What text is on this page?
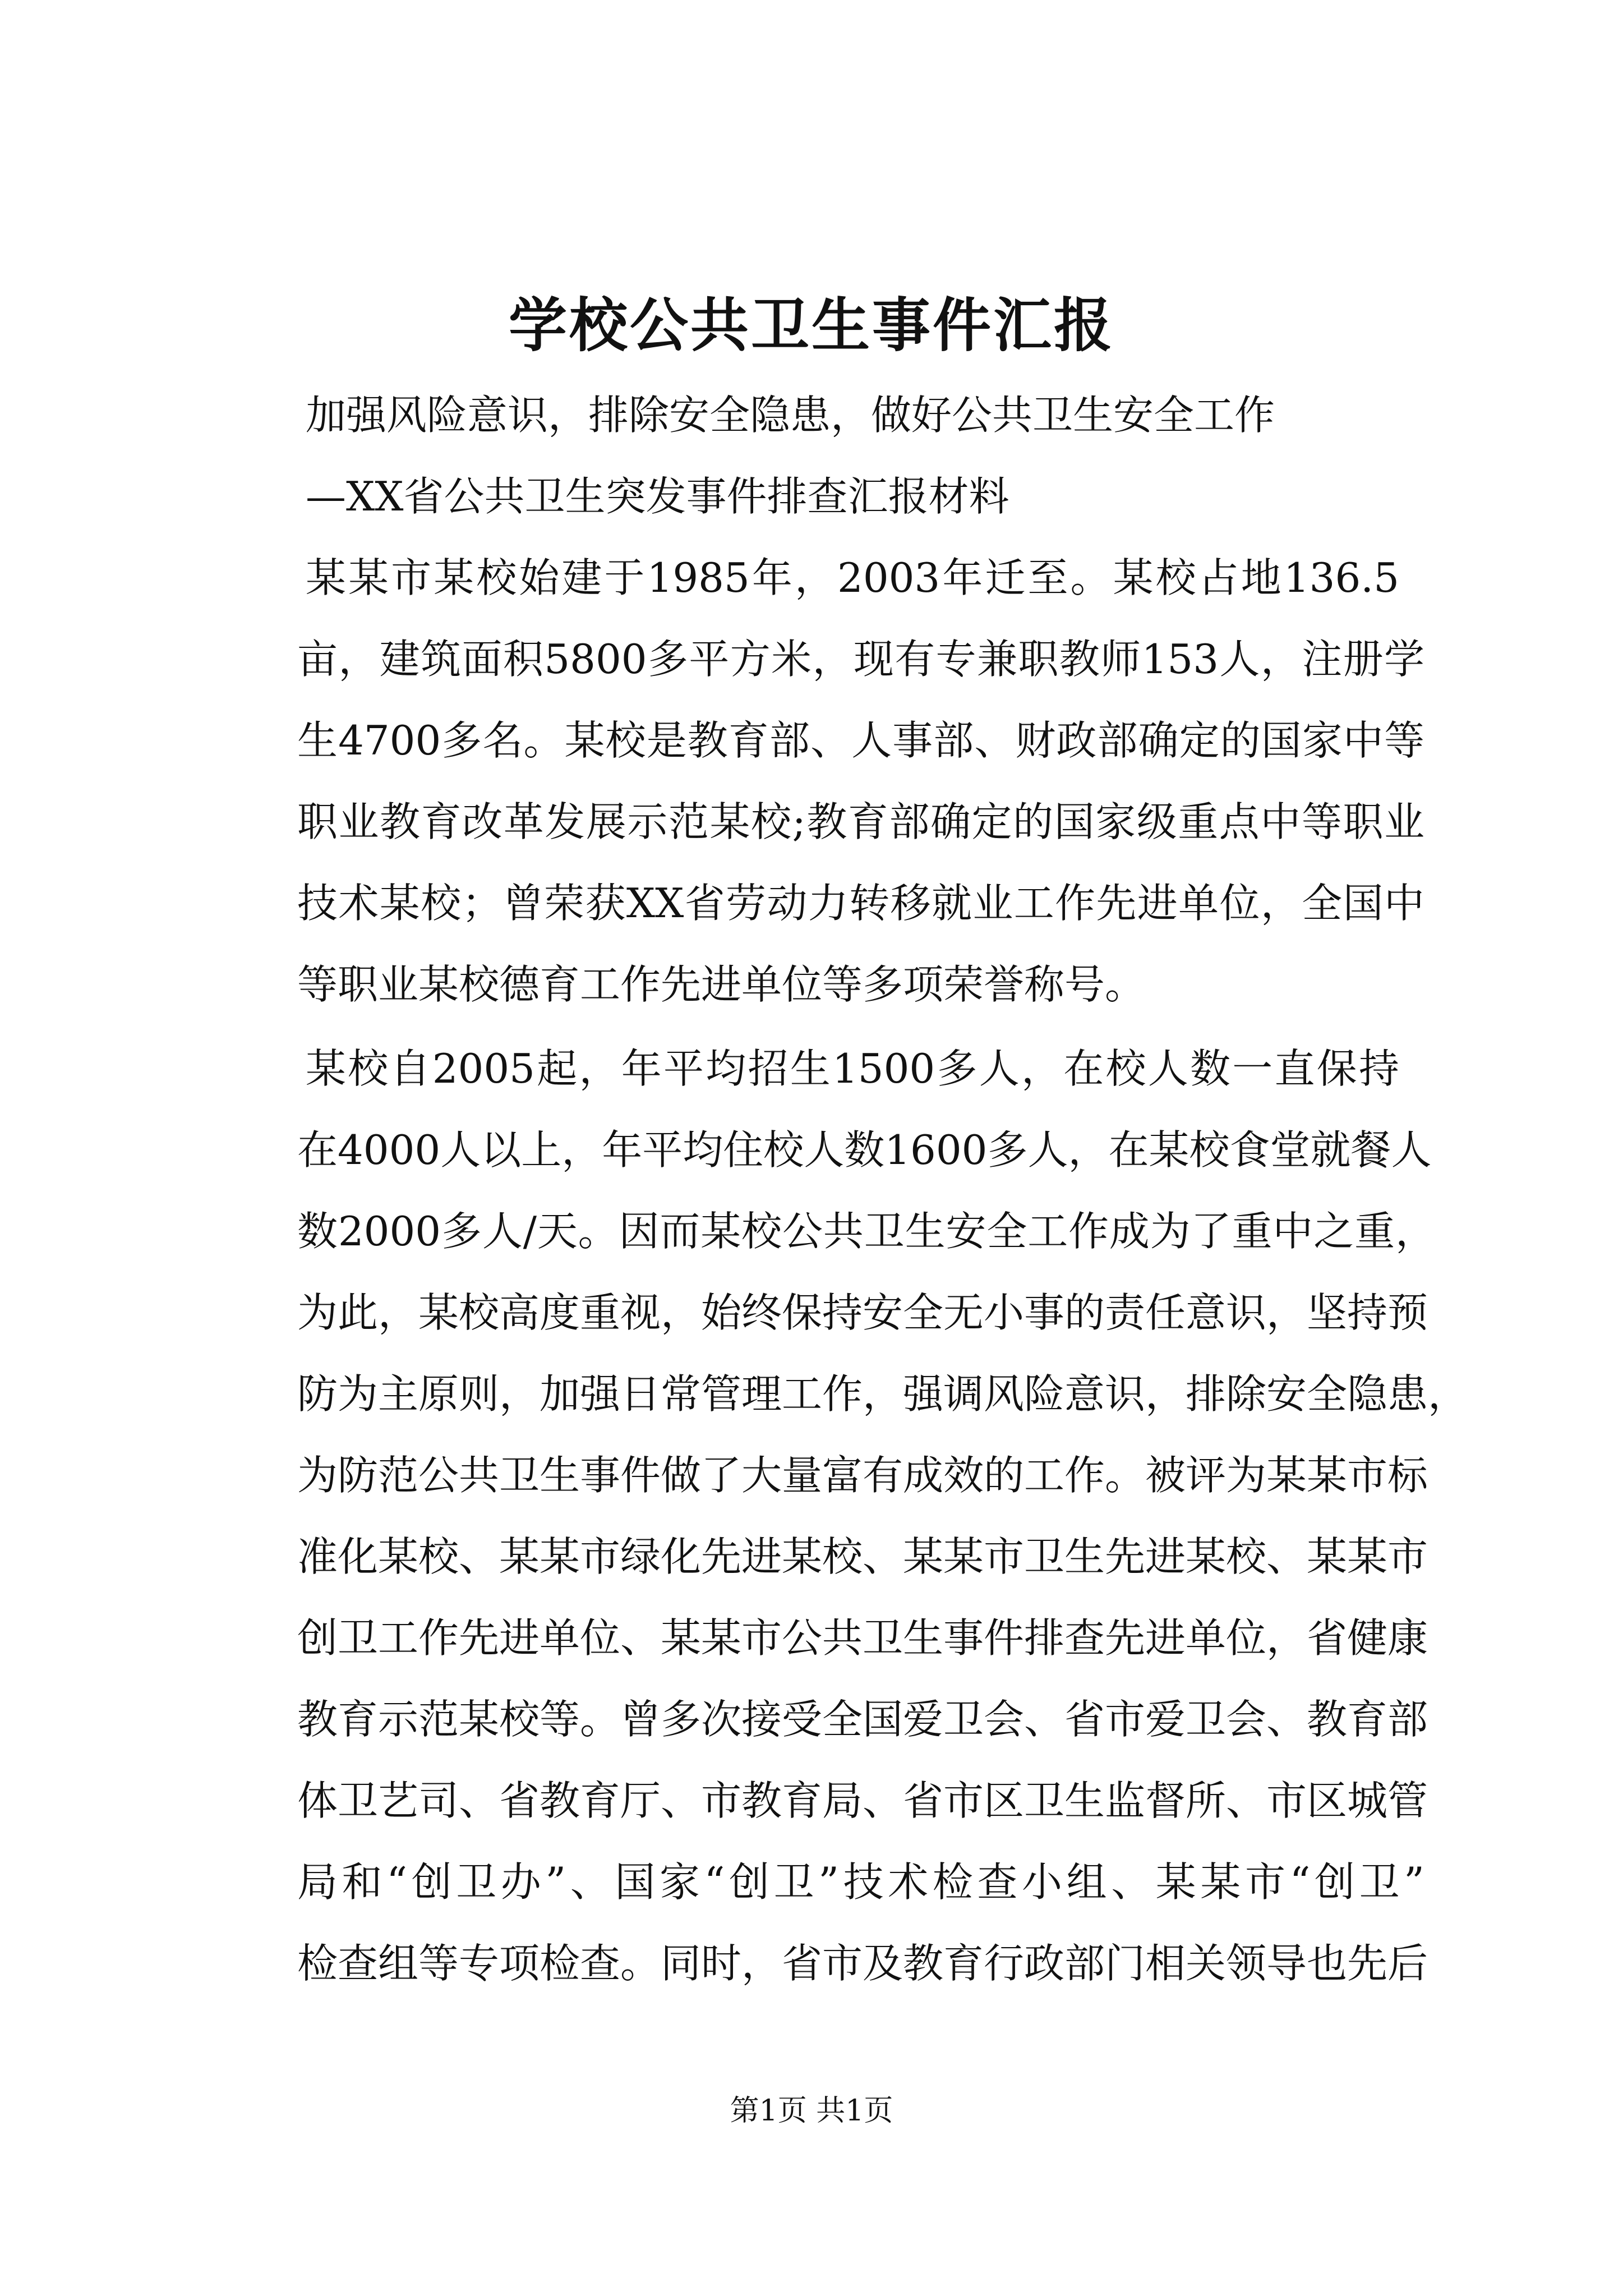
学校公共卫生事件汇报
加强风险意识，排除安全隐患，做好公共卫生安全工作
—XX省公共卫生突发事件排查汇报材料
某某市某校始建于1985年，2003年迁至。某校占地136.5
亩，建筑面积5800多平方米，现有专兼职教师153人，注册学
生4700多名。某校是教育部、人事部、财政部确定的国家中等
职业教育改革发展示范某校;教育部确定的国家级重点中等职业
技术某校；曾荣获XX省劳动力转移就业工作先进单位，全国中
等职业某校德育工作先进单位等多项荣誉称号。
某校自2005起，年平均招生1500多人，在校人数一直保持
在4000人以上，年平均住校人数1600多人，在某校食堂就餐人
数2000多人/天。因而某校公共卫生安全工作成为了重中之重，
为此，某校高度重视，始终保持安全无小事的责任意识，坚持预
防为主原则，加强日常管理工作，强调风险意识，排除安全隐患，
为防范公共卫生事件做了大量富有成效的工作。被评为某某市标
准化某校、某某市绿化先进某校、某某市卫生先进某校、某某市
创卫工作先进单位、某某市公共卫生事件排查先进单位，省健康
教育示范某校等。曾多次接受全国爱卫会、省市爱卫会、教育部
体卫艺司、省教育厅、市教育局、省市区卫生监督所、市区城管
局和“创卫办”、国家“创卫”技术检查小组、某某市“创卫”
检查组等专项检查。同时，省市及教育行政部门相关领导也先后
第1页 共1页
